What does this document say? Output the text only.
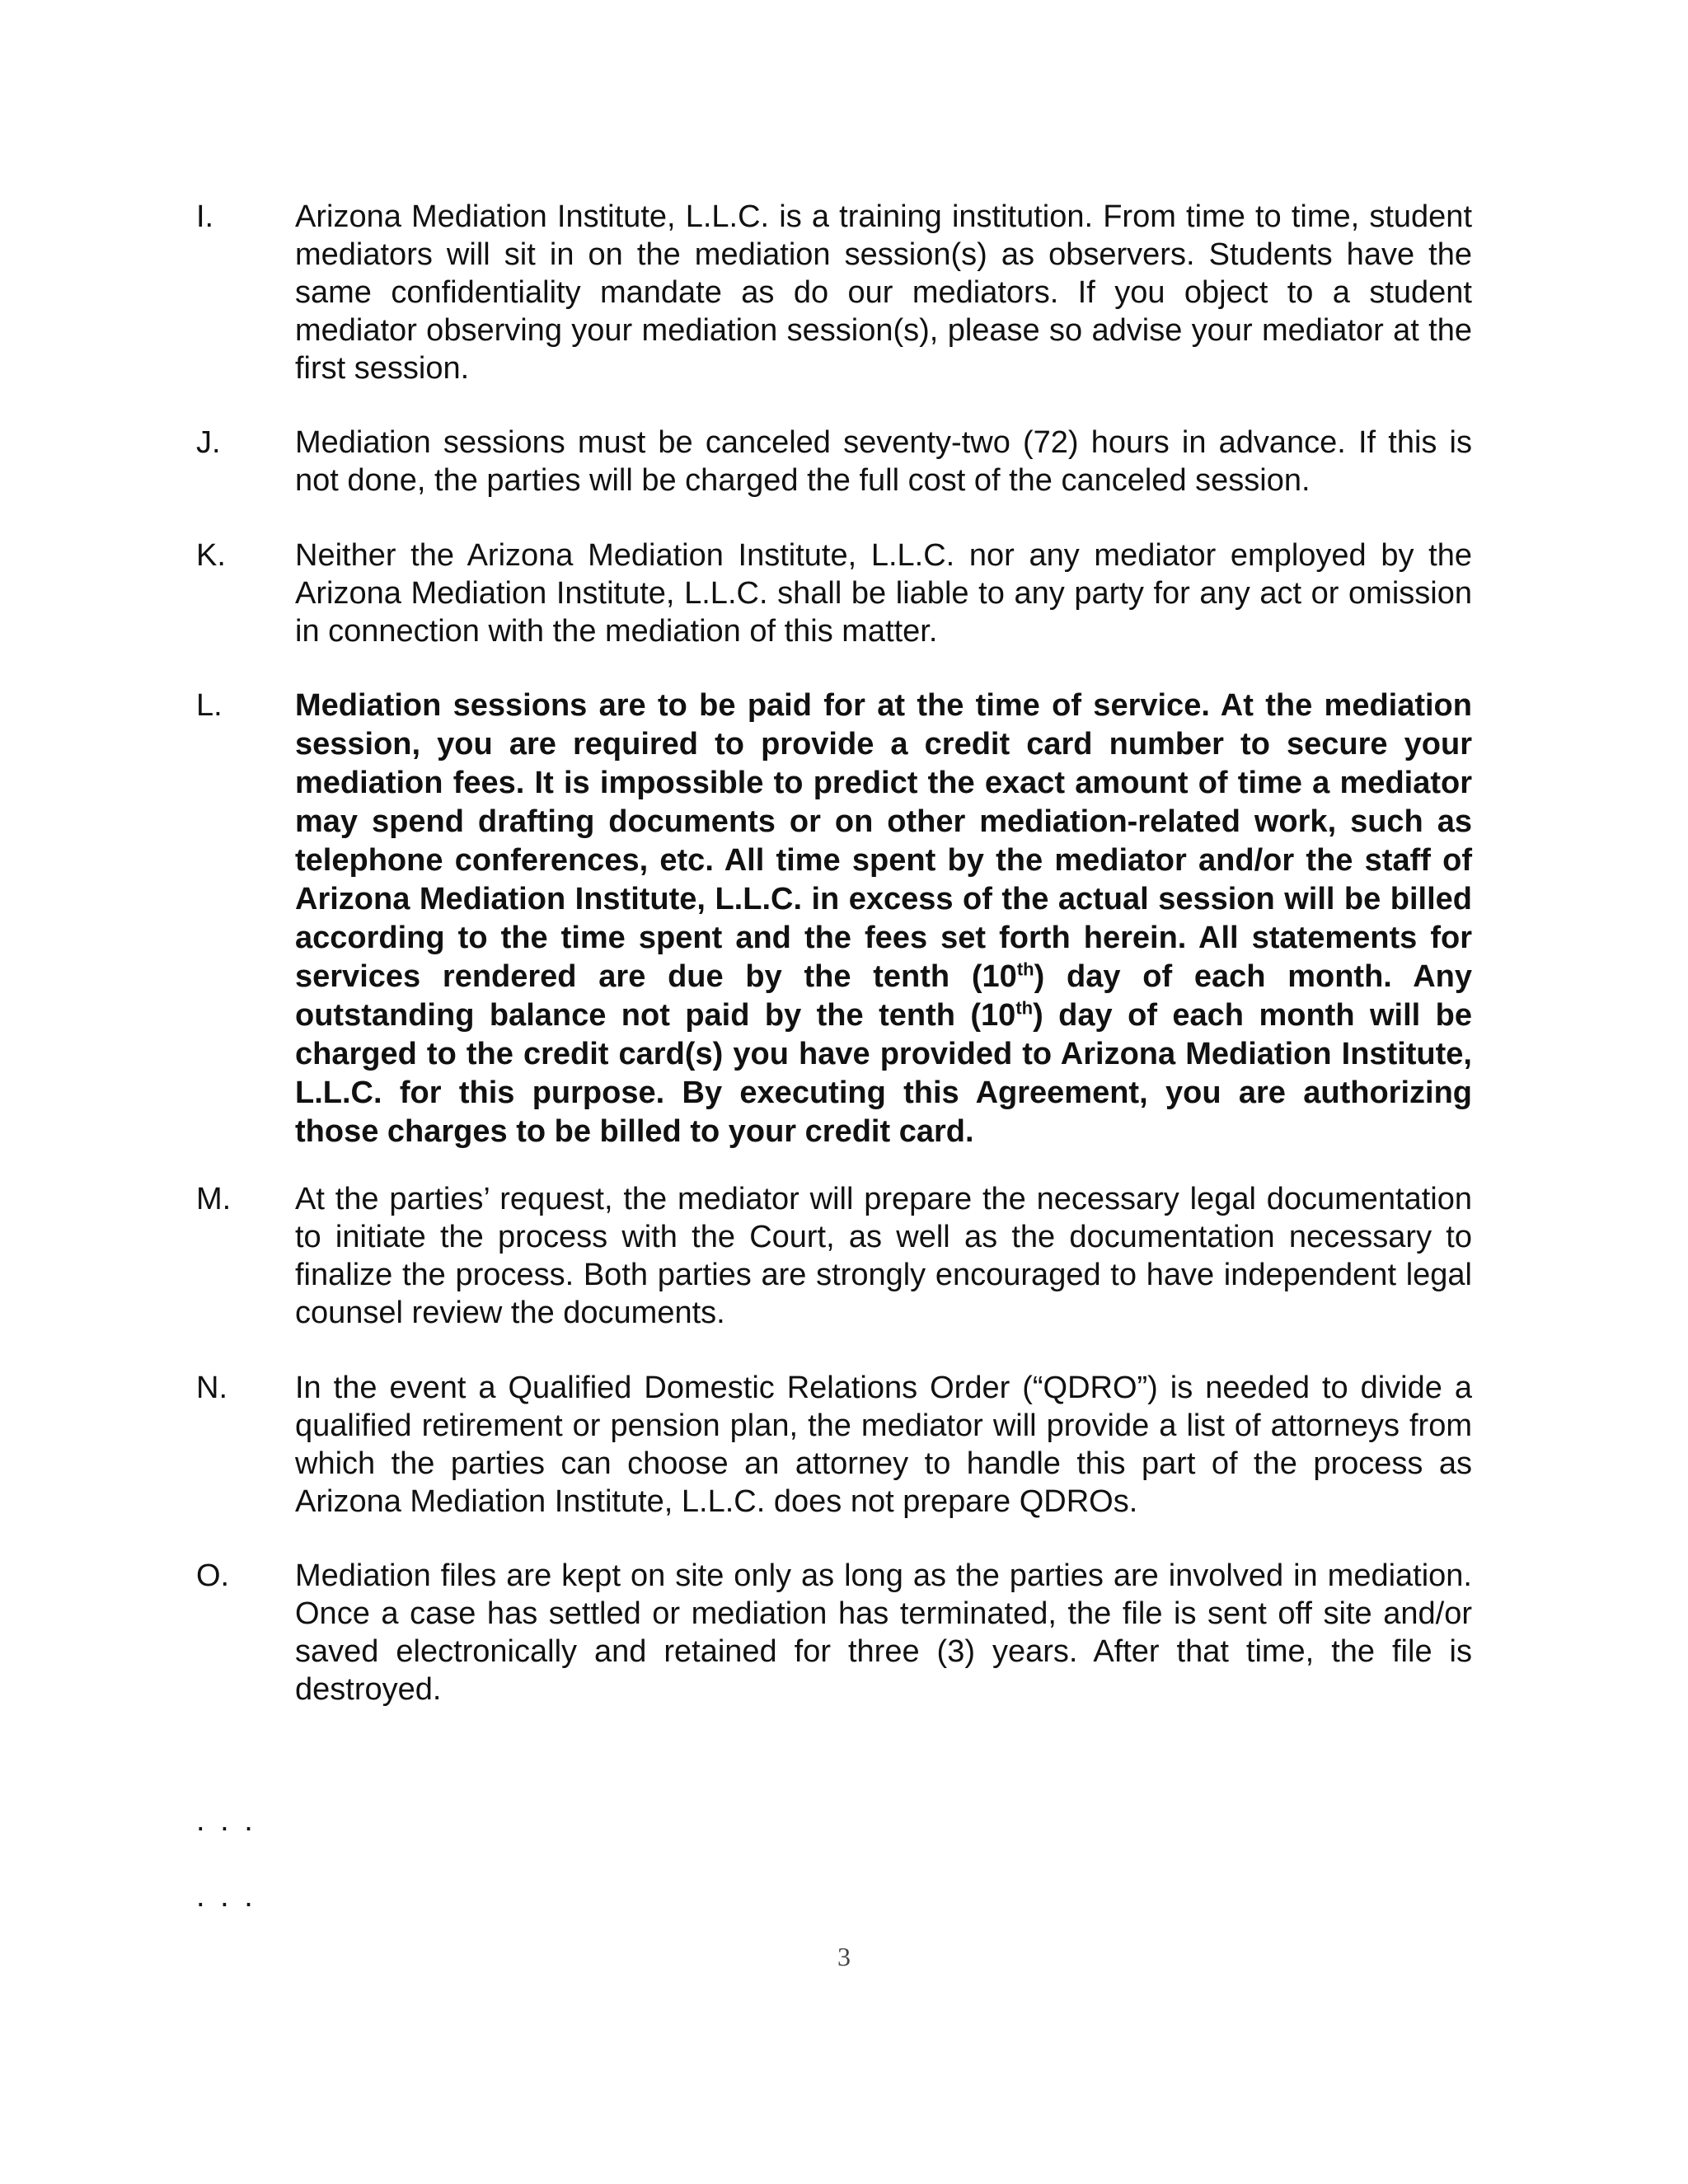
I.	Arizona Mediation Institute, L.L.C. is a training institution. From time to time, student mediators will sit in on the mediation session(s) as observers. Students have the same confidentiality mandate as do our mediators. If you object to a student mediator observing your mediation session(s), please so advise your mediator at the first session.
J. Mediation sessions must be canceled seventy-two (72) hours in advance. If this is not done, the parties will be charged the full cost of the canceled session.
K. Neither the Arizona Mediation Institute, L.L.C. nor any mediator employed by the Arizona Mediation Institute, L.L.C. shall be liable to any party for any act or omission in connection with the mediation of this matter.
L. Mediation sessions are to be paid for at the time of service. At the mediation session, you are required to provide a credit card number to secure your mediation fees. It is impossible to predict the exact amount of time a mediator may spend drafting documents or on other mediation-related work, such as telephone conferences, etc. All time spent by the mediator and/or the staff of Arizona Mediation Institute, L.L.C. in excess of the actual session will be billed according to the time spent and the fees set forth herein. All statements for services rendered are due by the tenth (10th) day of each month. Any outstanding balance not paid by the tenth (10th) day of each month will be charged to the credit card(s) you have provided to Arizona Mediation Institute, L.L.C. for this purpose. By executing this Agreement, you are authorizing those charges to be billed to your credit card.
M. At the parties’ request, the mediator will prepare the necessary legal documentation to initiate the process with the Court, as well as the documentation necessary to finalize the process. Both parties are strongly encouraged to have independent legal counsel review the documents.
N. In the event a Qualified Domestic Relations Order (“QDRO”) is needed to divide a qualified retirement or pension plan, the mediator will provide a list of attorneys from which the parties can choose an attorney to handle this part of the process as Arizona Mediation Institute, L.L.C. does not prepare QDROs.
O. Mediation files are kept on site only as long as the parties are involved in mediation. Once a case has settled or mediation has terminated, the file is sent off site and/or saved electronically and retained for three (3) years. After that time, the file is destroyed.
. . .
. . .
3
